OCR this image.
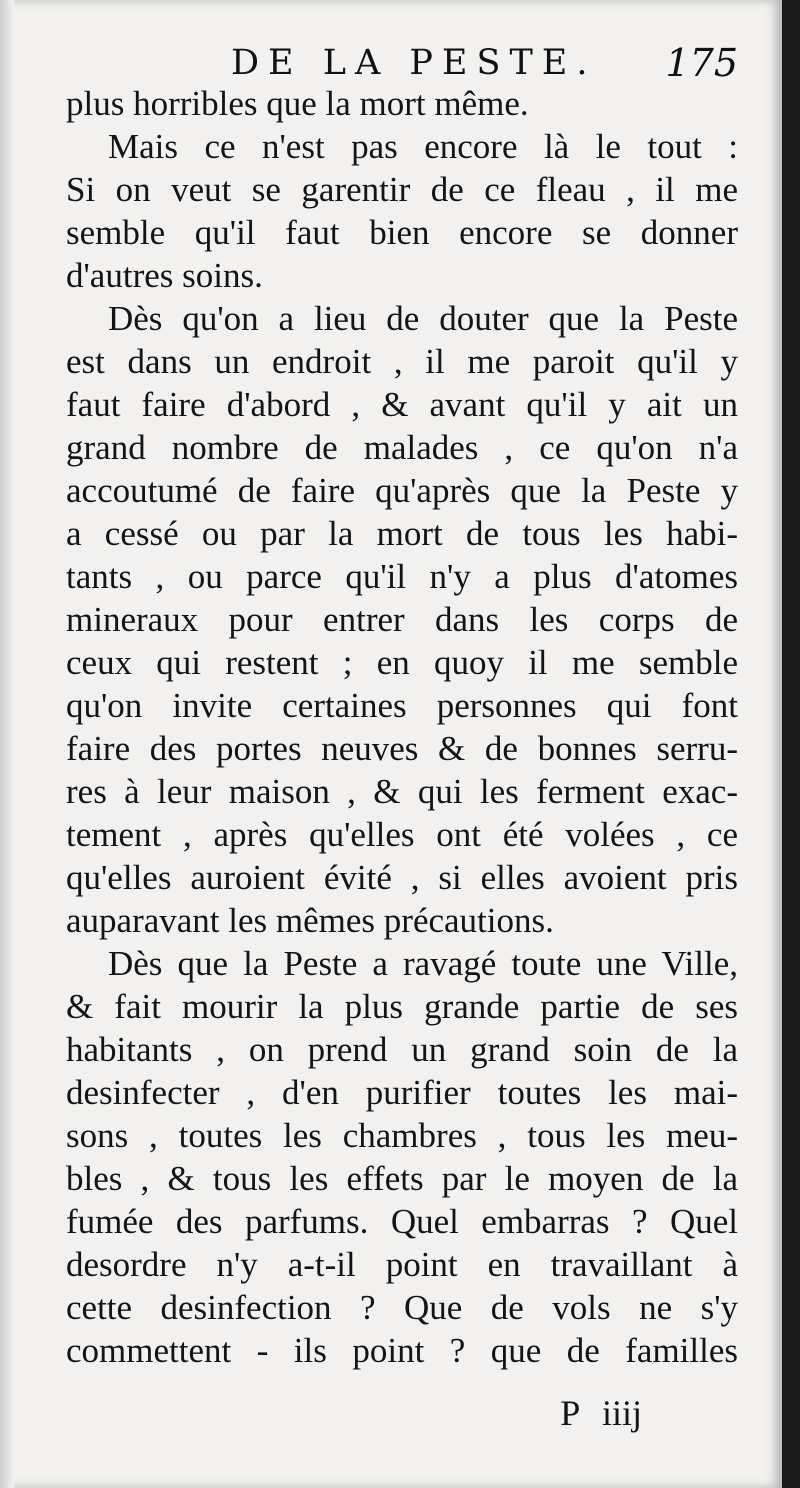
DE LA PESTE. 175
plus horribles que la mort même.
Mais ce n'est pas encore là le tout :
Si on veut se garentir de ce fleau , il me
semble qu'il faut bien encore se donner
d'autres soins.
Dès qu'on a lieu de douter que la Peste
est dans un endroit , il me paroit qu'il y
faut faire d'abord , & avant qu'il y ait un
grand nombre de malades , ce qu'on n'a
accoutumé de faire qu'après que la Peste y
a cessé ou par la mort de tous les habi-
tants , ou parce qu'il n'y a plus d'atomes
mineraux pour entrer dans les corps de
ceux qui restent ; en quoy il me semble
qu'on invite certaines personnes qui font
faire des portes neuves & de bonnes serru-
res à leur maison , & qui les ferment exac-
tement , après qu'elles ont été volées , ce
qu'elles auroient évité , si elles avoient pris
auparavant les mêmes précautions.
Dès que la Peste a ravagé toute une Ville,
& fait mourir la plus grande partie de ses
habitants , on prend un grand soin de la
desinfecter , d'en purifier toutes les mai-
sons , toutes les chambres , tous les meu-
bles , & tous les effets par le moyen de la
fumée des parfums. Quel embarras ? Quel
desordre n'y a-t-il point en travaillant à
cette desinfection ? Que de vols ne s'y
commettent - ils point ? que de familles
P iiij
